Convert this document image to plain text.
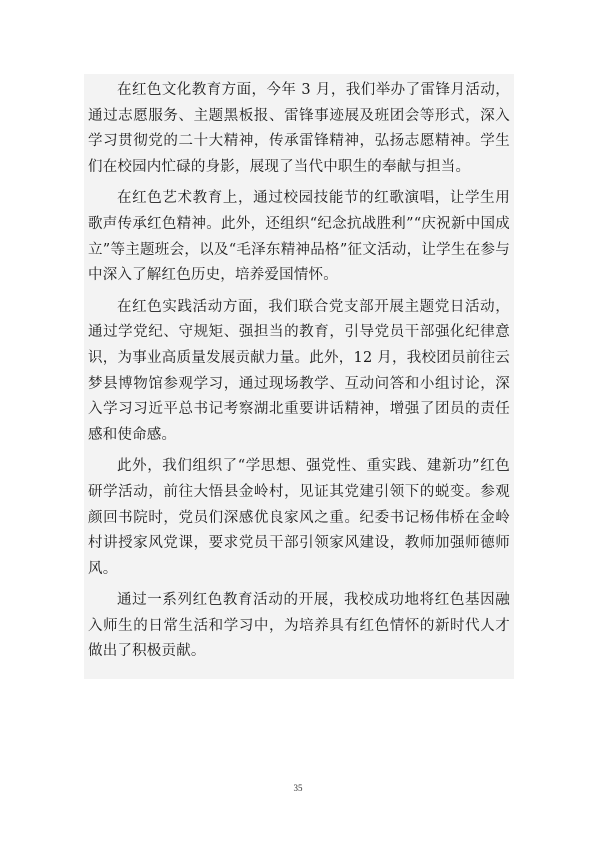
在红色文化教育方面，今年 3 月，我们举办了雷锋月活动，通过志愿服务、主题黑板报、雷锋事迹展及班团会等形式，深入学习贯彻党的二十大精神，传承雷锋精神，弘扬志愿精神。学生们在校园内忙碌的身影，展现了当代中职生的奉献与担当。

在红色艺术教育上，通过校园技能节的红歌演唱，让学生用歌声传承红色精神。此外，还组织“纪念抗战胜利”“庆祝新中国成立”等主题班会，以及“毛泽东精神品格”征文活动，让学生在参与中深入了解红色历史，培养爱国情怀。

在红色实践活动方面，我们联合党支部开展主题党日活动，通过学党纪、守规矩、强担当的教育，引导党员干部强化纪律意识，为事业高质量发展贡献力量。此外，12 月，我校团员前往云梦县博物馆参观学习，通过现场教学、互动问答和小组讨论，深入学习习近平总书记考察湖北重要讲话精神，增强了团员的责任感和使命感。

此外，我们组织了“学思想、强党性、重实践、建新功”红色研学活动，前往大悟县金岭村，见证其党建引领下的蜕变。参观颜回书院时，党员们深感优良家风之重。纪委书记杨伟桥在金岭村讲授家风党课，要求党员干部引领家风建设，教师加强师德师风。

通过一系列红色教育活动的开展，我校成功地将红色基因融入师生的日常生活和学习中，为培养具有红色情怀的新时代人才做出了积极贡献。

35
